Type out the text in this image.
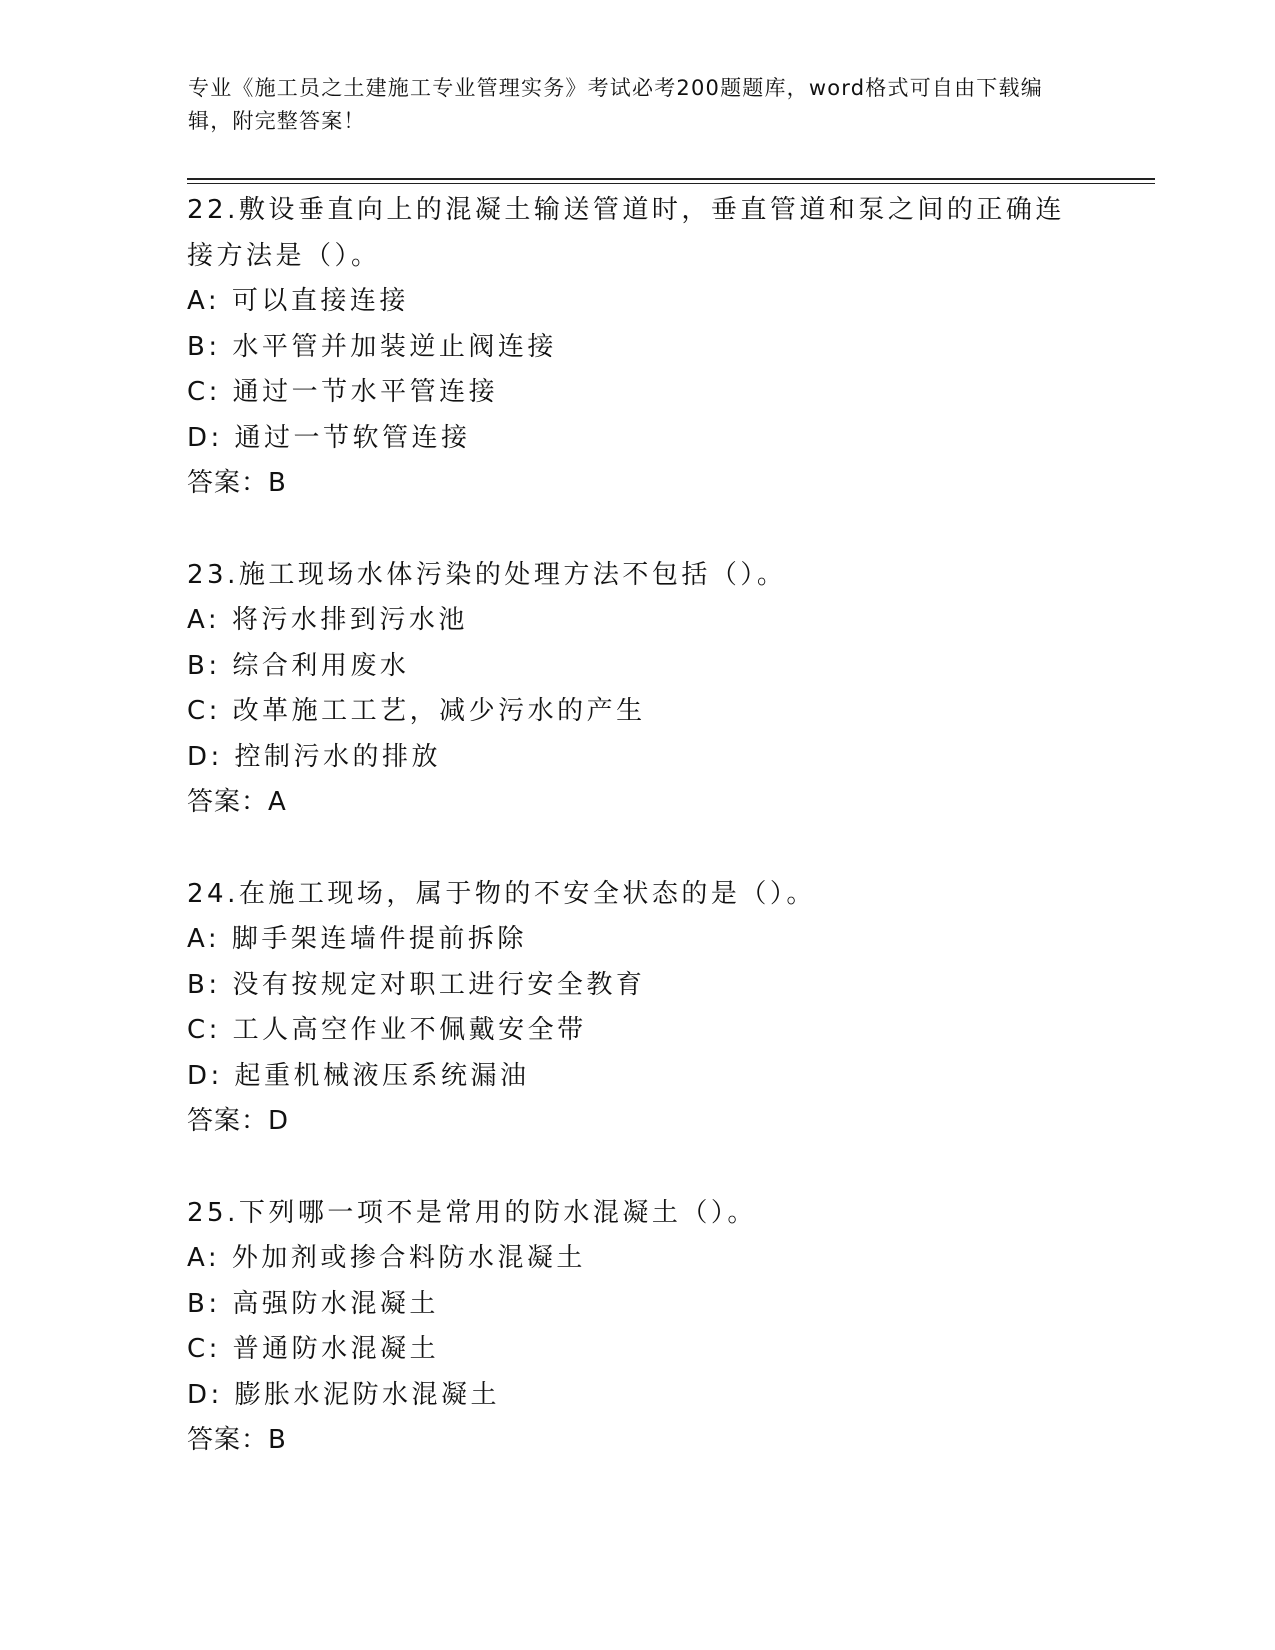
专业《施工员之土建施工专业管理实务》考试必考200题题库，word格式可自由下载编辑，附完整答案！

22.敷设垂直向上的混凝土输送管道时，垂直管道和泵之间的正确连接方法是（）。

A: 可以直接连接

B: 水平管并加装逆止阀连接

C: 通过一节水平管连接

D: 通过一节软管连接

答案：B

23.施工现场水体污染的处理方法不包括（）。

A: 将污水排到污水池

B: 综合利用废水

C: 改革施工工艺，减少污水的产生

D: 控制污水的排放

答案：A

24.在施工现场，属于物的不安全状态的是（）。

A: 脚手架连墙件提前拆除

B: 没有按规定对职工进行安全教育

C: 工人高空作业不佩戴安全带

D: 起重机械液压系统漏油

答案：D

25.下列哪一项不是常用的防水混凝土（）。

A: 外加剂或掺合料防水混凝土

B: 高强防水混凝土

C: 普通防水混凝土

D: 膨胀水泥防水混凝土

答案：B
